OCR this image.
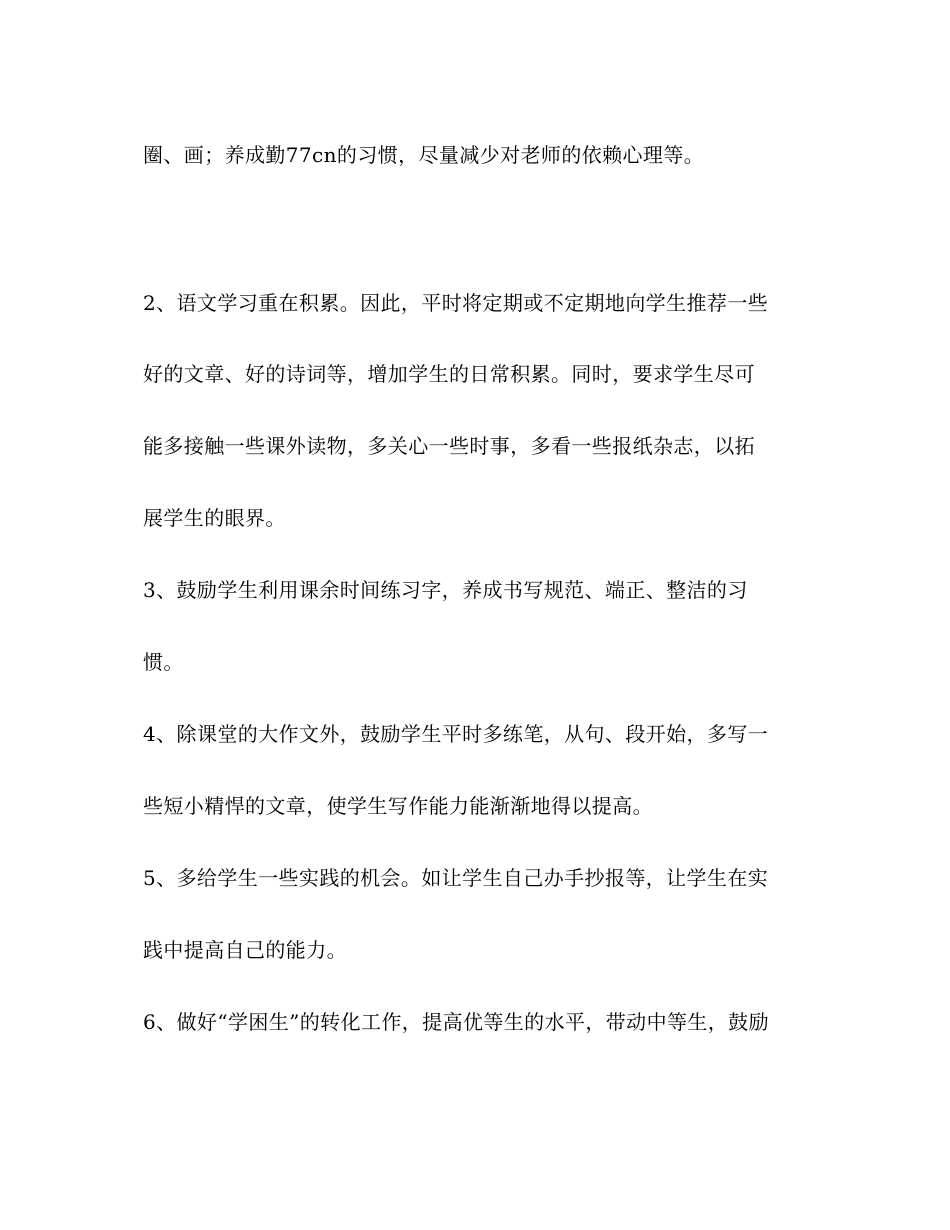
圈、画；养成勤77cn的习惯，尽量减少对老师的依赖心理等。
2、语文学习重在积累。因此，平时将定期或不定期地向学生推荐一些
好的文章、好的诗词等，增加学生的日常积累。同时，要求学生尽可
能多接触一些课外读物，多关心一些时事，多看一些报纸杂志，以拓
展学生的眼界。
3、鼓励学生利用课余时间练习字，养成书写规范、端正、整洁的习
惯。
4、除课堂的大作文外，鼓励学生平时多练笔，从句、段开始，多写一
些短小精悍的文章，使学生写作能力能渐渐地得以提高。
5、多给学生一些实践的机会。如让学生自己办手抄报等，让学生在实
践中提高自己的能力。
6、做好“学困生”的转化工作，提高优等生的水平，带动中等生，鼓励
